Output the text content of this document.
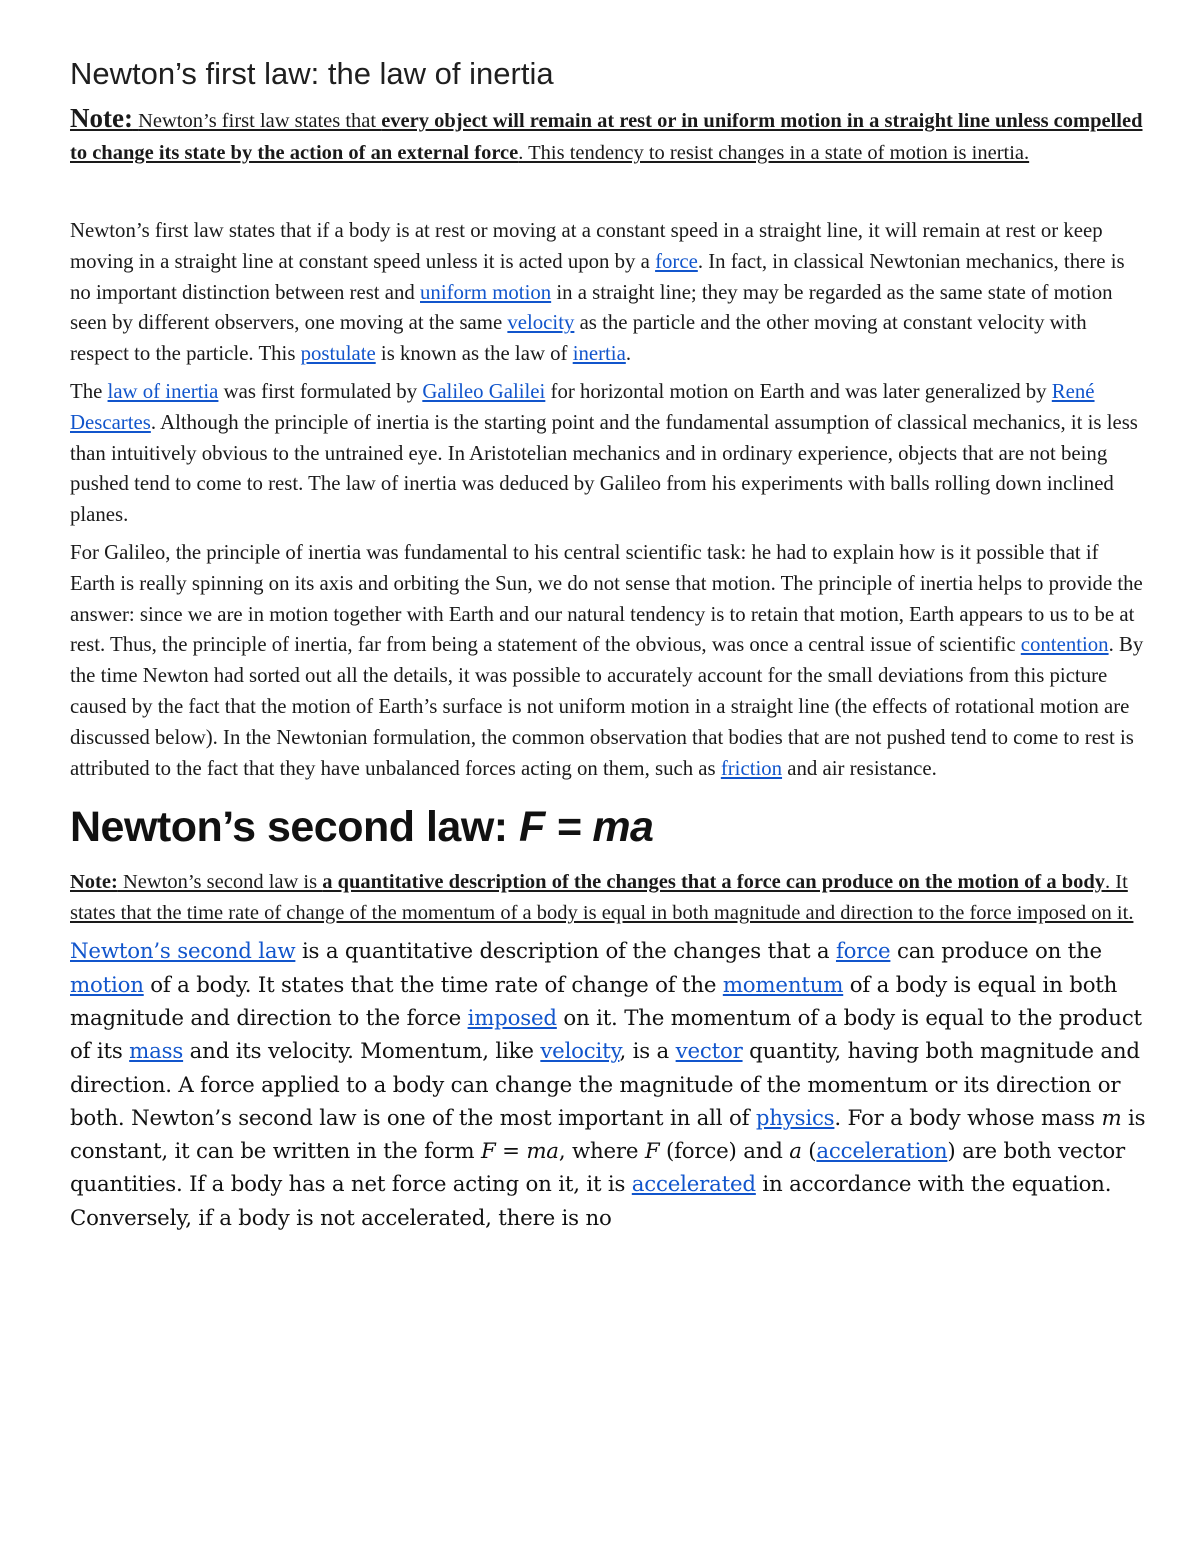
Newton’s first law: the law of inertia

Note: Newton’s first law states that every object will remain at rest or in uniform motion in a straight line unless compelled to change its state by the action of an external force. This tendency to resist changes in a state of motion is inertia.

Newton’s first law states that if a body is at rest or moving at a constant speed in a straight line, it will remain at rest or keep moving in a straight line at constant speed unless it is acted upon by a force. In fact, in classical Newtonian mechanics, there is no important distinction between rest and uniform motion in a straight line; they may be regarded as the same state of motion seen by different observers, one moving at the same velocity as the particle and the other moving at constant velocity with respect to the particle. This postulate is known as the law of inertia.

The law of inertia was first formulated by Galileo Galilei for horizontal motion on Earth and was later generalized by René Descartes. Although the principle of inertia is the starting point and the fundamental assumption of classical mechanics, it is less than intuitively obvious to the untrained eye. In Aristotelian mechanics and in ordinary experience, objects that are not being pushed tend to come to rest. The law of inertia was deduced by Galileo from his experiments with balls rolling down inclined planes.

For Galileo, the principle of inertia was fundamental to his central scientific task: he had to explain how is it possible that if Earth is really spinning on its axis and orbiting the Sun, we do not sense that motion. The principle of inertia helps to provide the answer: since we are in motion together with Earth and our natural tendency is to retain that motion, Earth appears to us to be at rest. Thus, the principle of inertia, far from being a statement of the obvious, was once a central issue of scientific contention. By the time Newton had sorted out all the details, it was possible to accurately account for the small deviations from this picture caused by the fact that the motion of Earth’s surface is not uniform motion in a straight line (the effects of rotational motion are discussed below). In the Newtonian formulation, the common observation that bodies that are not pushed tend to come to rest is attributed to the fact that they have unbalanced forces acting on them, such as friction and air resistance.

Newton’s second law: F = ma

Note: Newton’s second law is a quantitative description of the changes that a force can produce on the motion of a body. It states that the time rate of change of the momentum of a body is equal in both magnitude and direction to the force imposed on it.

Newton’s second law is a quantitative description of the changes that a force can produce on the motion of a body. It states that the time rate of change of the momentum of a body is equal in both magnitude and direction to the force imposed on it. The momentum of a body is equal to the product of its mass and its velocity. Momentum, like velocity, is a vector quantity, having both magnitude and direction. A force applied to a body can change the magnitude of the momentum or its direction or both. Newton’s second law is one of the most important in all of physics. For a body whose mass m is constant, it can be written in the form F = ma, where F (force) and a (acceleration) are both vector quantities. If a body has a net force acting on it, it is accelerated in accordance with the equation. Conversely, if a body is not accelerated, there is no
